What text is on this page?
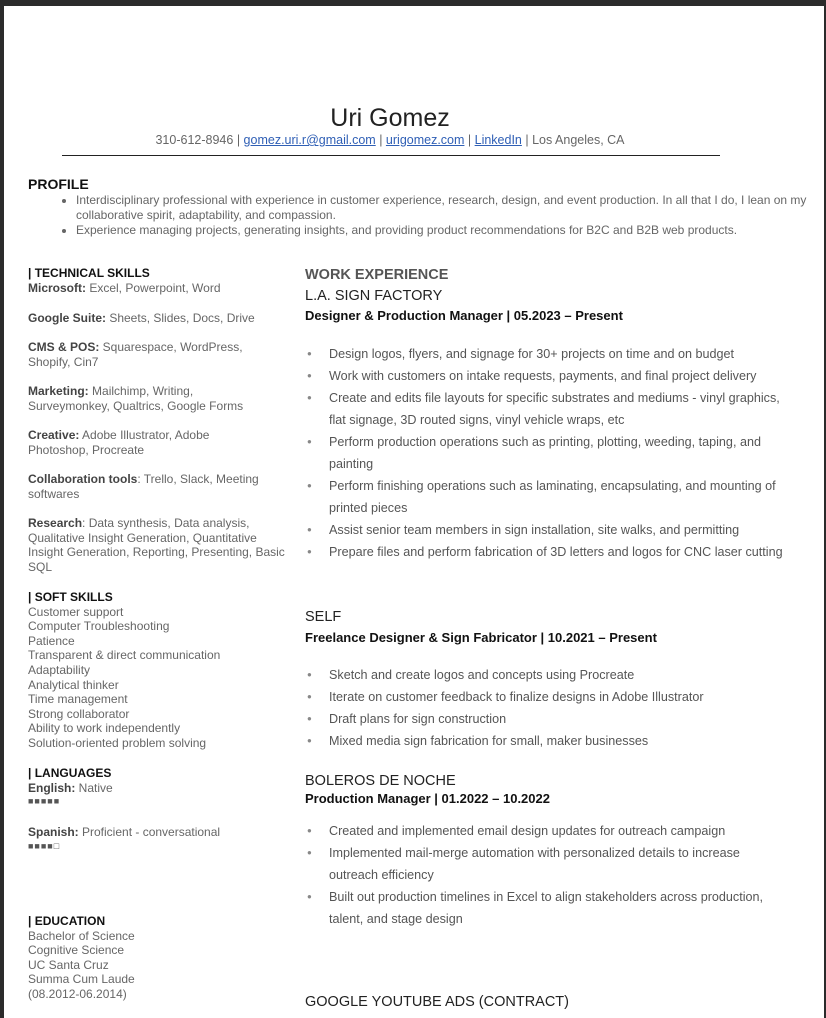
Uri Gomez
310-612-8946 | gomez.uri.r@gmail.com | urigomez.com | LinkedIn | Los Angeles, CA
PROFILE
• Interdisciplinary professional with experience in customer experience, research, design, and event production. In all that I do, I lean on my collaborative spirit, adaptability, and compassion.
• Experience managing projects, generating insights, and providing product recommendations for B2C and B2B web products.
| TECHNICAL SKILLS
Microsoft: Excel, Powerpoint, Word
Google Suite: Sheets, Slides, Docs, Drive
CMS & POS: Squarespace, WordPress, Shopify, Cin7
Marketing: Mailchimp, Writing, Surveymonkey, Qualtrics, Google Forms
Creative: Adobe Illustrator, Adobe Photoshop, Procreate
Collaboration tools: Trello, Slack, Meeting softwares
Research: Data synthesis, Data analysis, Qualitative Insight Generation, Quantitative Insight Generation, Reporting, Presenting, Basic SQL
| SOFT SKILLS
Customer support
Computer Troubleshooting
Patience
Transparent & direct communication
Adaptability
Analytical thinker
Time management
Strong collaborator
Ability to work independently
Solution-oriented problem solving
| LANGUAGES
English: Native
■■■■■
Spanish: Proficient - conversational
■■■■□
| EDUCATION
Bachelor of Science
Cognitive Science
UC Santa Cruz
Summa Cum Laude
(08.2012-06.2014)
WORK EXPERIENCE
L.A. SIGN FACTORY
Designer & Production Manager | 05.2023 – Present
● Design logos, flyers, and signage for 30+ projects on time and on budget
● Work with customers on intake requests, payments, and final project delivery
● Create and edits file layouts for specific substrates and mediums - vinyl graphics, flat signage, 3D routed signs, vinyl vehicle wraps, etc
● Perform production operations such as printing, plotting, weeding, taping, and painting
● Perform finishing operations such as laminating, encapsulating, and mounting of printed pieces
● Assist senior team members in sign installation, site walks, and permitting
● Prepare files and perform fabrication of 3D letters and logos for CNC laser cutting
SELF
Freelance Designer & Sign Fabricator | 10.2021 – Present
● Sketch and create logos and concepts using Procreate
● Iterate on customer feedback to finalize designs in Adobe Illustrator
● Draft plans for sign construction
● Mixed media sign fabrication for small, maker businesses
BOLEROS DE NOCHE
Production Manager | 01.2022 – 10.2022
● Created and implemented email design updates for outreach campaign
● Implemented mail-merge automation with personalized details to increase outreach efficiency
● Built out production timelines in Excel to align stakeholders across production, talent, and stage design
GOOGLE YOUTUBE ADS (CONTRACT)
